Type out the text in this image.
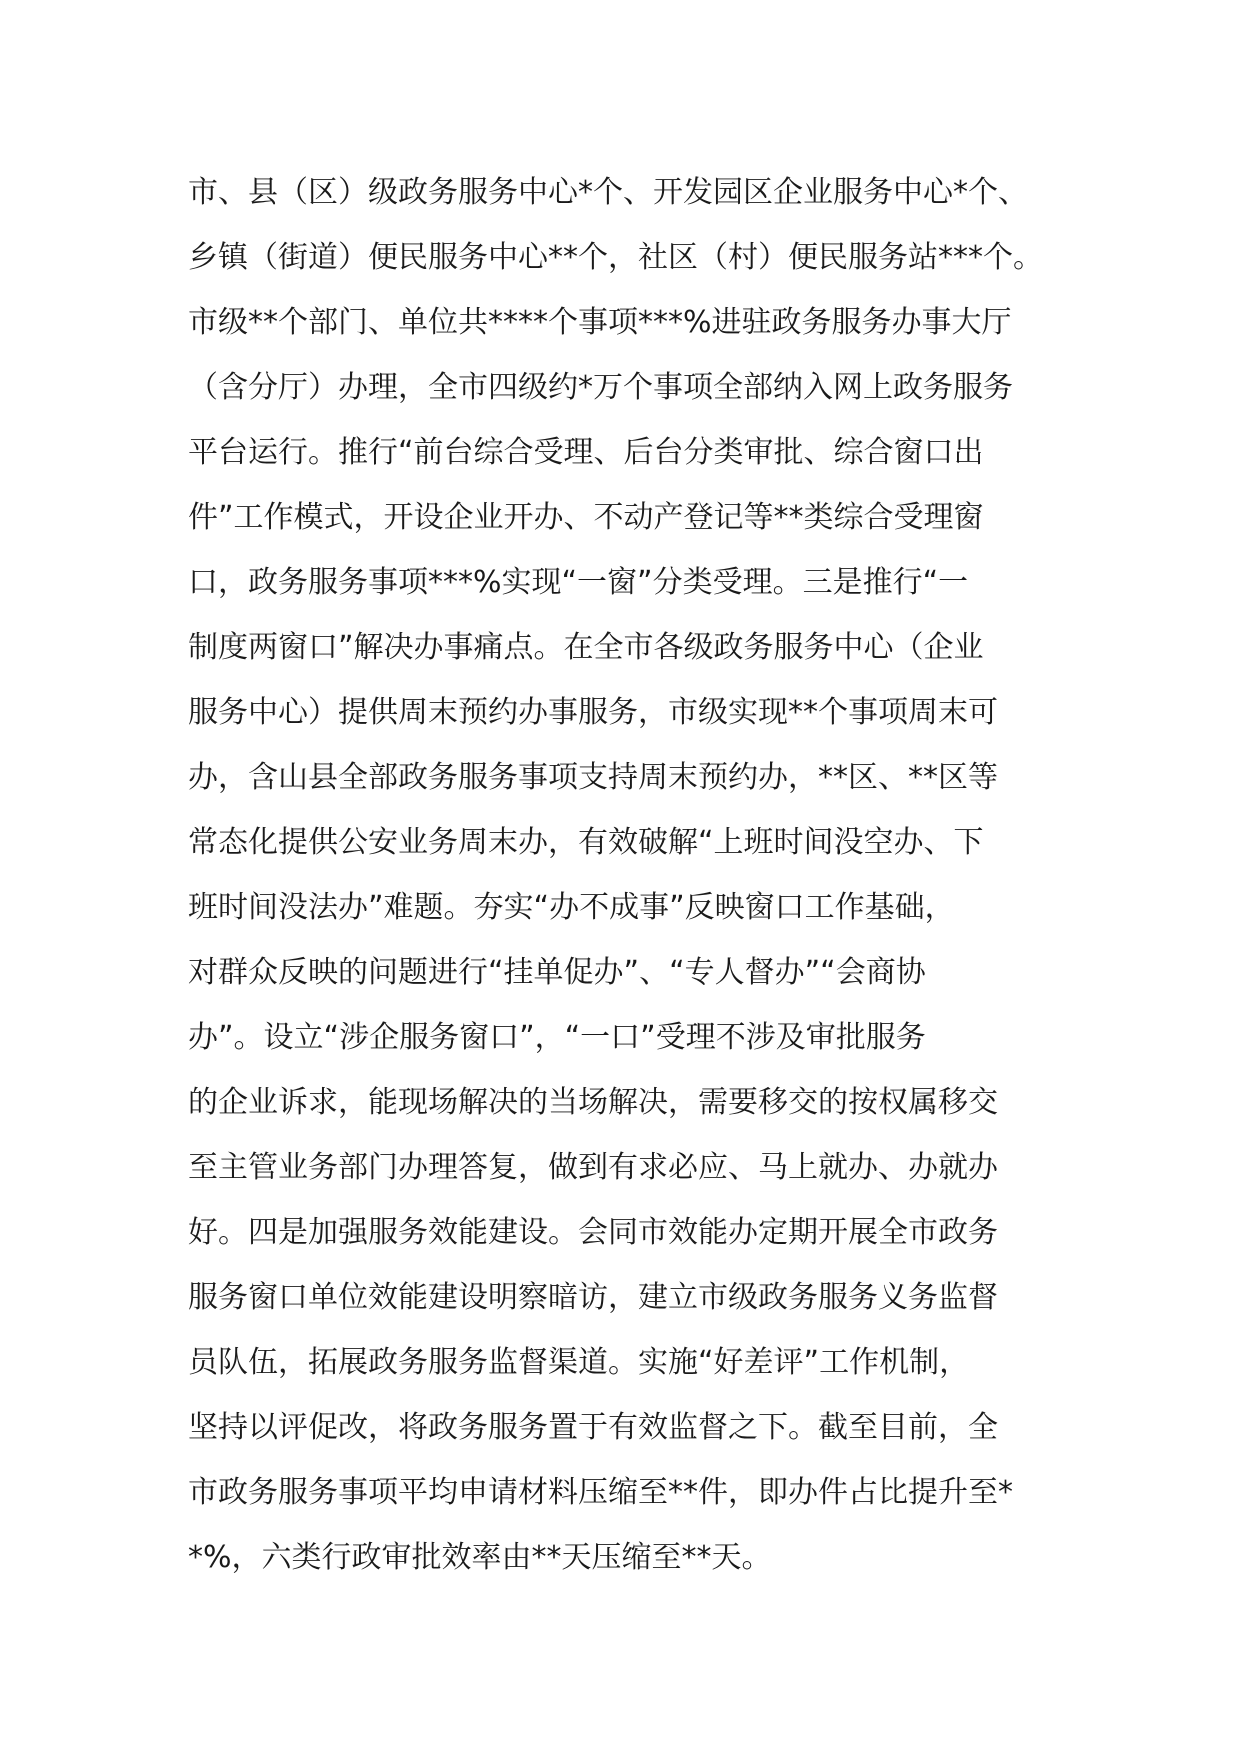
市、县（区）级政务服务中心*个、开发园区企业服务中心*个、
乡镇（街道）便民服务中心**个，社区（村）便民服务站***个。
市级**个部门、单位共****个事项***%进驻政务服务办事大厅
（含分厅）办理，全市四级约*万个事项全部纳入网上政务服务
平台运行。推行“前台综合受理、后台分类审批、综合窗口出
件”工作模式，开设企业开办、不动产登记等**类综合受理窗
口，政务服务事项***%实现“一窗”分类受理。三是推行“一
制度两窗口”解决办事痛点。在全市各级政务服务中心（企业
服务中心）提供周末预约办事服务，市级实现**个事项周末可
办，含山县全部政务服务事项支持周末预约办，**区、**区等
常态化提供公安业务周末办，有效破解“上班时间没空办、下
班时间没法办”难题。夯实“办不成事”反映窗口工作基础，
对群众反映的问题进行“挂单促办”、“专人督办”“会商协
办”。设立“涉企服务窗口”，“一口”受理不涉及审批服务
的企业诉求，能现场解决的当场解决，需要移交的按权属移交
至主管业务部门办理答复，做到有求必应、马上就办、办就办
好。四是加强服务效能建设。会同市效能办定期开展全市政务
服务窗口单位效能建设明察暗访，建立市级政务服务义务监督
员队伍，拓展政务服务监督渠道。实施“好差评”工作机制，
坚持以评促改，将政务服务置于有效监督之下。截至目前，全
市政务服务事项平均申请材料压缩至**件，即办件占比提升至*
*%，六类行政审批效率由**天压缩至**天。
